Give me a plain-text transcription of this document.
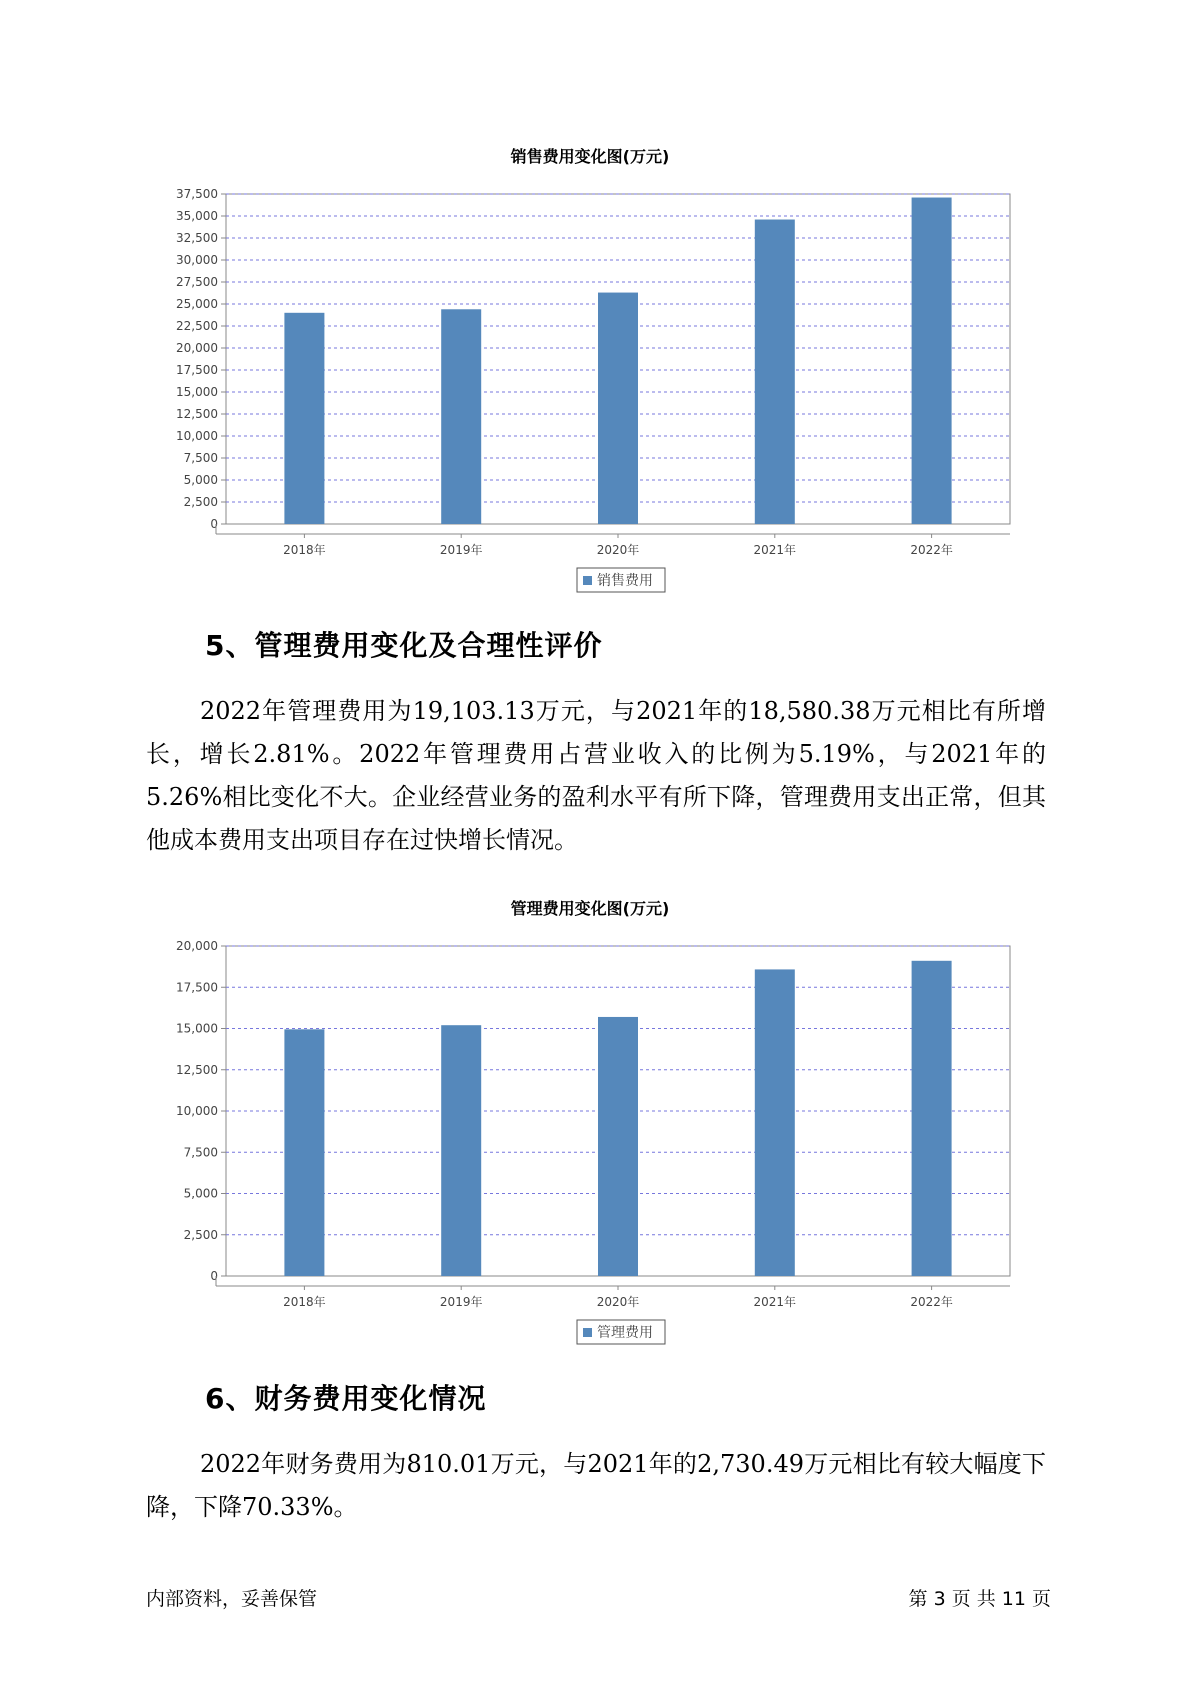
销售费用变化图(万元)
0
2,500
5,000
7,500
10,000
12,500
15,000
17,500
20,000
22,500
25,000
27,500
30,000
32,500
35,000
37,500
2018年	2019年	2020年	2021年	2022年
销售费用
5、管理费用变化及合理性评价

2022年管理费用为19,103.13万元，与2021年的18,580.38万元相比有所增长，增长2.81%。2022年管理费用占营业收入的比例为5.19%，与2021年的5.26%相比变化不大。企业经营业务的盈利水平有所下降，管理费用支出正常，但其他成本费用支出项目存在过快增长情况。

管理费用变化图(万元)
0
2,500
5,000
7,500
10,000
12,500
15,000
17,500
20,000
2018年	2019年	2020年	2021年	2022年
管理费用
6、财务费用变化情况

2022年财务费用为810.01万元，与2021年的2,730.49万元相比有较大幅度下降，下降70.33%。

内部资料，妥善保管	第 3 页 共 11 页
